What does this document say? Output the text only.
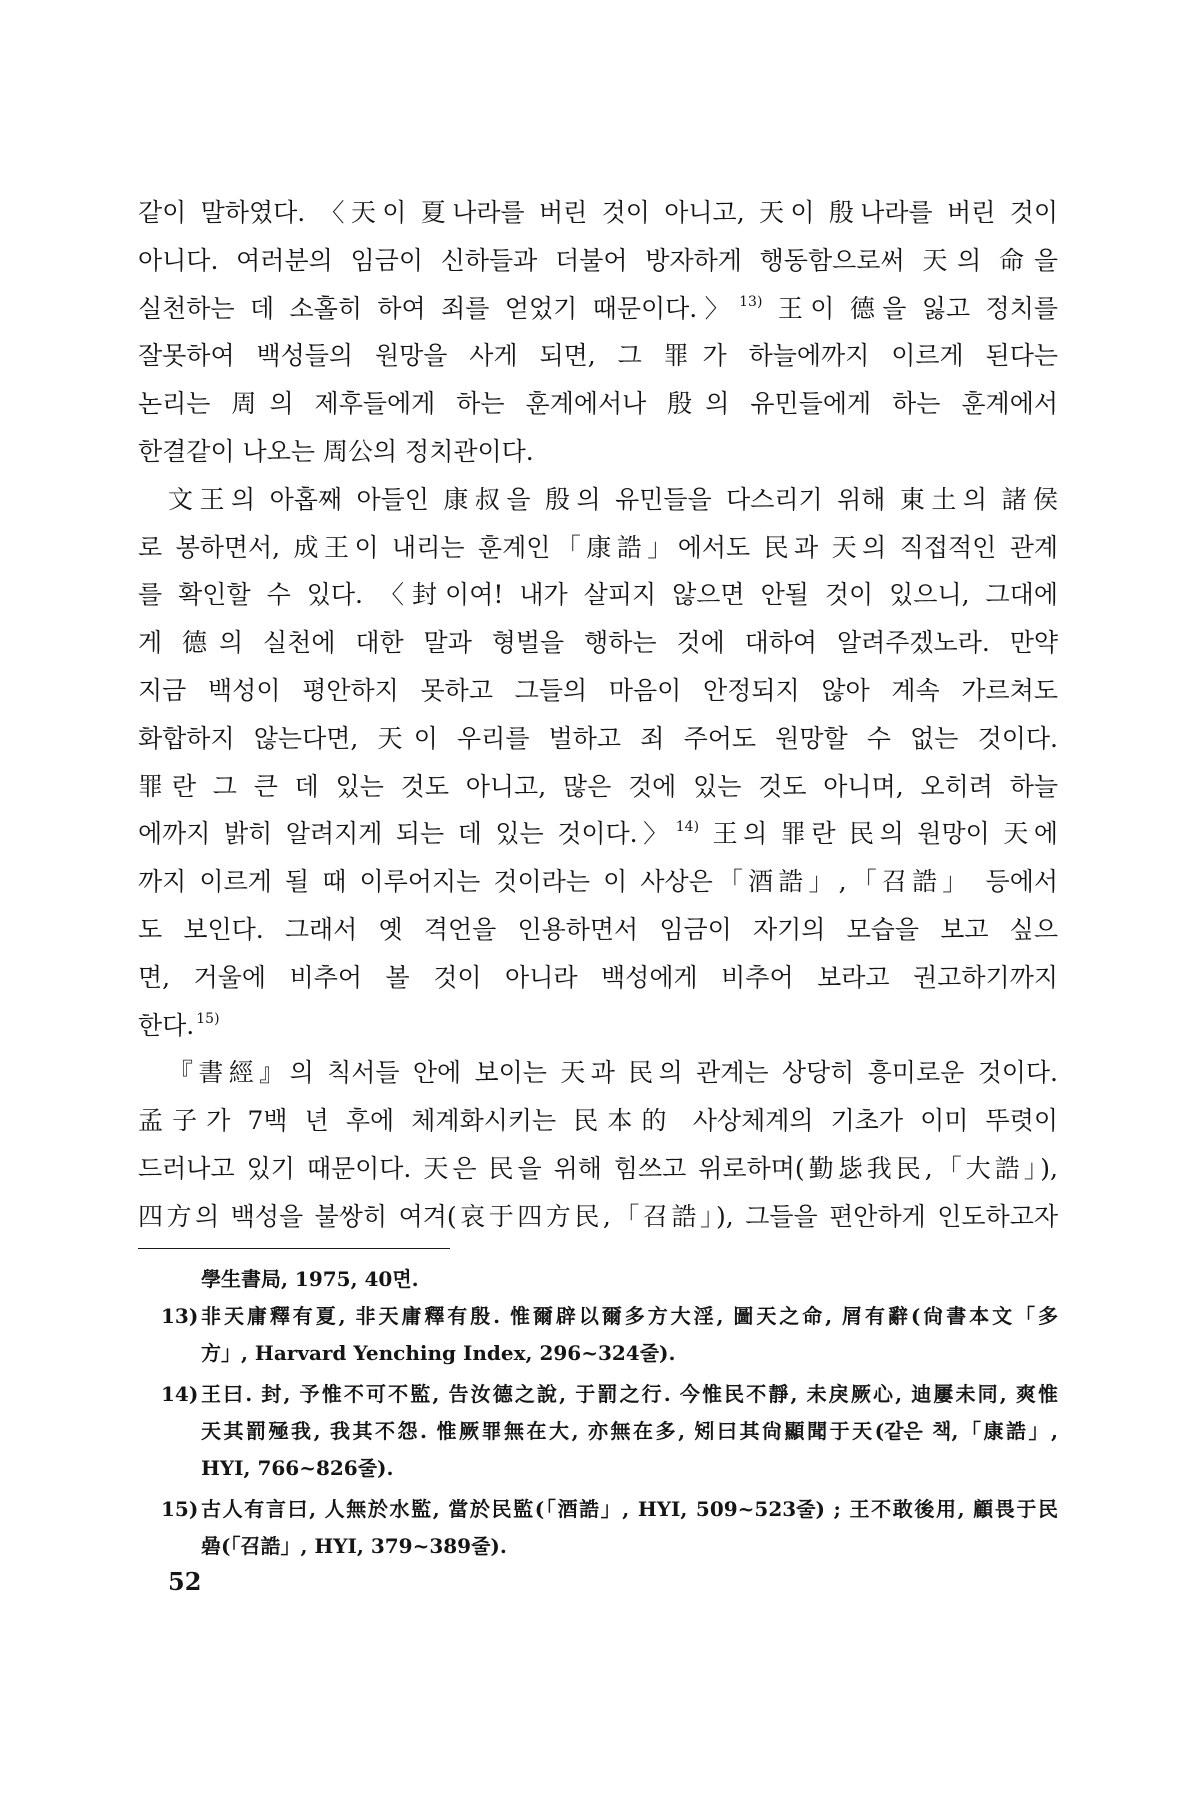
같이 말하였다. 〈天이 夏나라를 버린 것이 아니고, 天이 殷나라를 버린 것이
아니다. 여러분의 임금이 신하들과 더불어 방자하게 행동함으로써 天의 命을
실천하는 데 소홀히 하여 죄를 얻었기 때문이다.〉 $^{13)}$ 王이 德을 잃고 정치를
잘못하여 백성들의 원망을 사게 되면, 그 罪가 하늘에까지 이르게 된다는
논리는 周의 제후들에게 하는 훈계에서나 殷의 유민들에게 하는 훈계에서
한결같이 나오는 周公의 정치관이다.
文王의 아홉째 아들인 康叔을 殷의 유민들을 다스리기 위해 東土의 諸侯
로 봉하면서, 成王이 내리는 훈계인「康誥」에서도 民과 天의 직접적인 관계
를 확인할 수 있다. 〈封이여! 내가 살피지 않으면 안될 것이 있으니, 그대에
게 德의 실천에 대한 말과 형벌을 행하는 것에 대하여 알려주겠노라. 만약
지금 백성이 평안하지 못하고 그들의 마음이 안정되지 않아 계속 가르쳐도
화합하지 않는다면, 天이 우리를 벌하고 죄 주어도 원망할 수 없는 것이다.
罪란 그 큰 데 있는 것도 아니고, 많은 것에 있는 것도 아니며, 오히려 하늘
에까지 밝히 알려지게 되는 데 있는 것이다.〉 $^{14)}$ 王의 罪란 民의 원망이 天에
까지 이르게 될 때 이루어지는 것이라는 이 사상은「酒誥」,「召誥」 등에서
도 보인다. 그래서 옛 격언을 인용하면서 임금이 자기의 모습을 보고 싶으
면, 거울에 비추어 볼 것이 아니라 백성에게 비추어 보라고 권고하기까지
한다. $^{15)}$
『書經』의 칙서들 안에 보이는 天과 民의 관계는 상당히 흥미로운 것이다.
孟子가 7백 년 후에 체계화시키는 民本的 사상체계의 기초가 이미 뚜렷이
드러나고 있기 때문이다. 天은 民을 위해 힘쓰고 위로하며(勤毖我民,「大誥」),
四方의 백성을 불쌍히 여겨(哀于四方民,「召誥」), 그들을 편안하게 인도하고자
學生書局, 1975, 40면.
13) 非天庸釋有夏, 非天庸釋有殷. 惟爾辟以爾多方大淫, 圖天之命, 屑有辭(尙書本文「多
方」, Harvard Yenching Index, 296~324줄).
14) 王曰. 封, 予惟不可不監, 告汝德之說, 于罰之行. 今惟民不靜, 未戾厥心, 迪屢未同, 爽惟
天其罰殛我, 我其不怨. 惟厥罪無在大, 亦無在多, 矧曰其尙顯聞于天(같은 책,「康誥」,
HYI, 766~826줄).
15) 古人有言曰, 人無於水監, 當於民監(「酒誥」, HYI, 509~523줄) ; 王不敢後用, 顧畏于民
碞(「召誥」, HYI, 379~389줄).
52
